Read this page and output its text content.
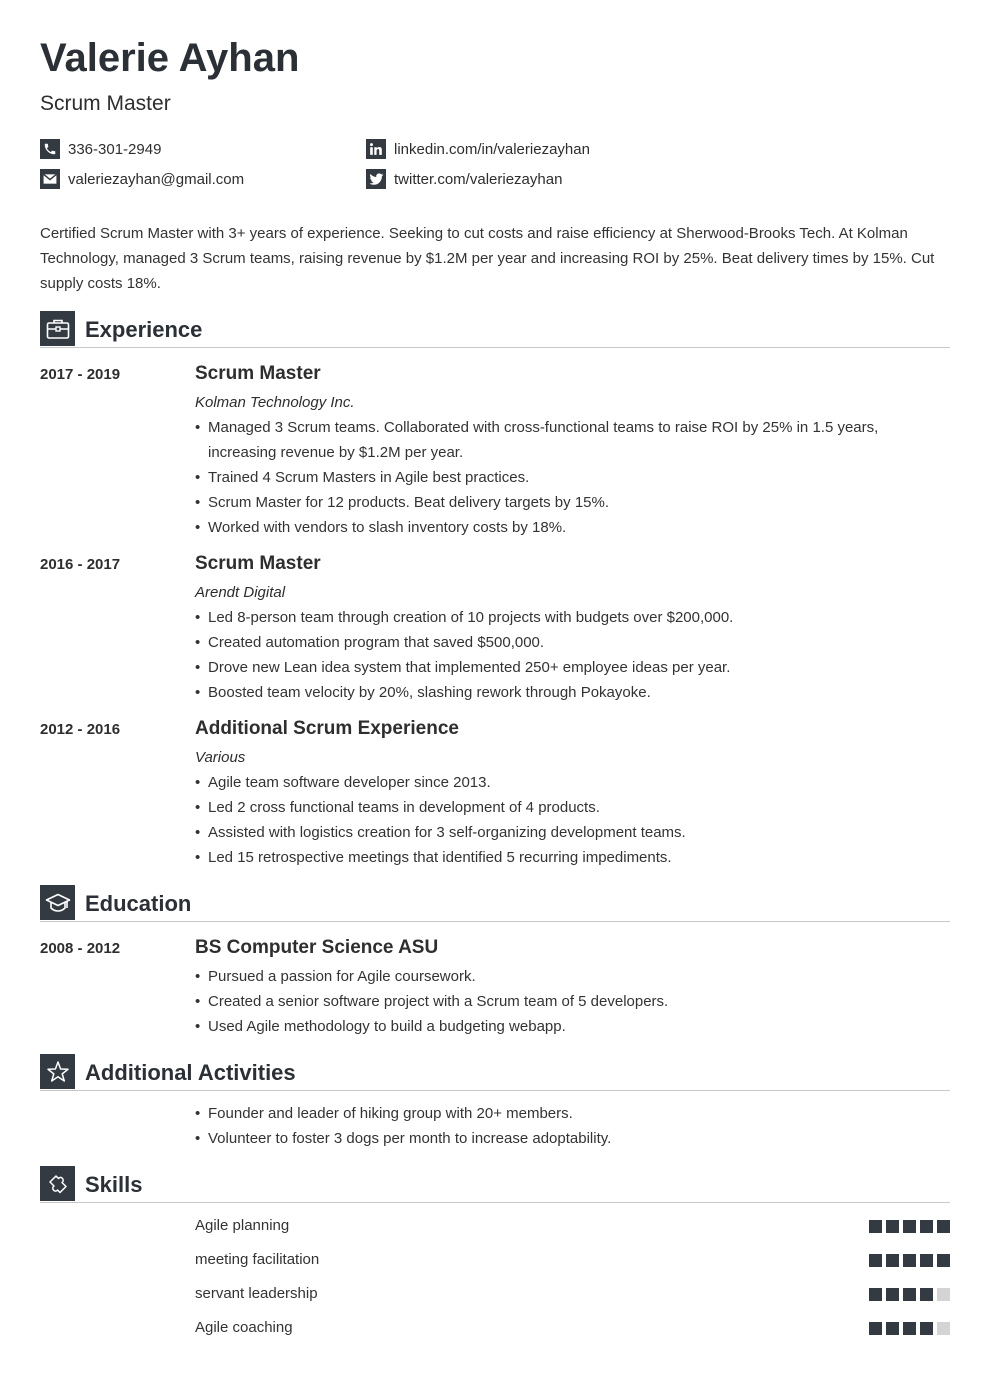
Valerie Ayhan
Scrum Master
336-301-2949
valeriezayhan@gmail.com
linkedin.com/in/valeriezayhan
twitter.com/valeriezayhan

Certified Scrum Master with 3+ years of experience. Seeking to cut costs and raise efficiency at Sherwood-Brooks Tech. At Kolman Technology, managed 3 Scrum teams, raising revenue by $1.2M per year and increasing ROI by 25%. Beat delivery times by 15%. Cut supply costs 18%.

Experience
2017 - 2019	Scrum Master
Kolman Technology Inc.
• Managed 3 Scrum teams. Collaborated with cross-functional teams to raise ROI by 25% in 1.5 years, increasing revenue by $1.2M per year.
• Trained 4 Scrum Masters in Agile best practices.
• Scrum Master for 12 products. Beat delivery targets by 15%.
• Worked with vendors to slash inventory costs by 18%.
2016 - 2017	Scrum Master
Arendt Digital
• Led 8-person team through creation of 10 projects with budgets over $200,000.
• Created automation program that saved $500,000.
• Drove new Lean idea system that implemented 250+ employee ideas per year.
• Boosted team velocity by 20%, slashing rework through Pokayoke.
2012 - 2016	Additional Scrum Experience
Various
• Agile team software developer since 2013.
• Led 2 cross functional teams in development of 4 products.
• Assisted with logistics creation for 3 self-organizing development teams.
• Led 15 retrospective meetings that identified 5 recurring impediments.
Education
2008 - 2012	BS Computer Science ASU
• Pursued a passion for Agile coursework.
• Created a senior software project with a Scrum team of 5 developers.
• Used Agile methodology to build a budgeting webapp.
Additional Activities
• Founder and leader of hiking group with 20+ members.
• Volunteer to foster 3 dogs per month to increase adoptability.
Skills
Agile planning
meeting facilitation
servant leadership
Agile coaching
